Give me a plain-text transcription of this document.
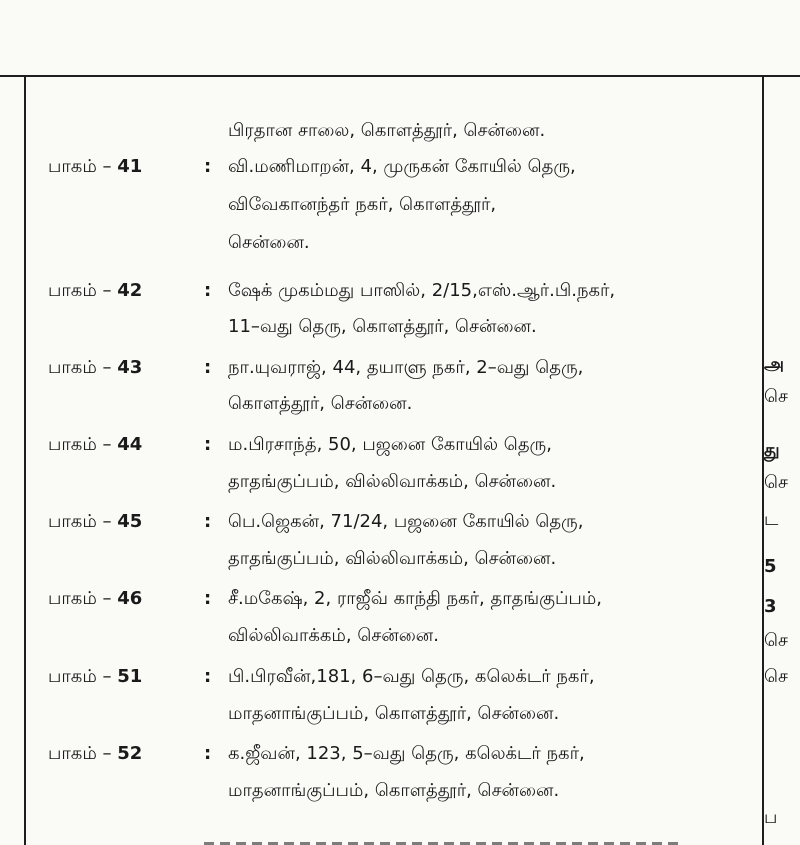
பிரதான சாலை, கொளத்தூர், சென்னை.
பாகம் – 41	: வி.மணிமாறன், 4, முருகன் கோயில் தெரு,
விவேகானந்தர் நகர், கொளத்தூர்,
சென்னை.
பாகம் – 42	: ஷேக் முகம்மது பாஸில், 2/15,எஸ்.ஆர்.பி.நகர்,
11–வது தெரு, கொளத்தூர், சென்னை.
பாகம் – 43	: நா.யுவராஜ், 44, தயாளு நகர், 2–வது தெரு,
கொளத்தூர், சென்னை.
பாகம் – 44	: ம.பிரசாந்த், 50, பஜனை கோயில் தெரு,
தாதங்குப்பம், வில்லிவாக்கம், சென்னை.
பாகம் – 45	: பெ.ஜெகன், 71/24, பஜனை கோயில் தெரு,
தாதங்குப்பம், வில்லிவாக்கம், சென்னை.
பாகம் – 46	: சீ.மகேஷ், 2, ராஜீவ் காந்தி நகர், தாதங்குப்பம்,
வில்லிவாக்கம், சென்னை.
பாகம் – 51	: பி.பிரவீன்,181, 6–வது தெரு, கலெக்டர் நகர்,
மாதனாங்குப்பம், கொளத்தூர், சென்னை.
பாகம் – 52	: க.ஜீவன், 123, 5–வது தெரு, கலெக்டர் நகர்,
மாதனாங்குப்பம், கொளத்தூர், சென்னை.
அ
செ
து
செ
ட
5
3
செ
செ
ப
